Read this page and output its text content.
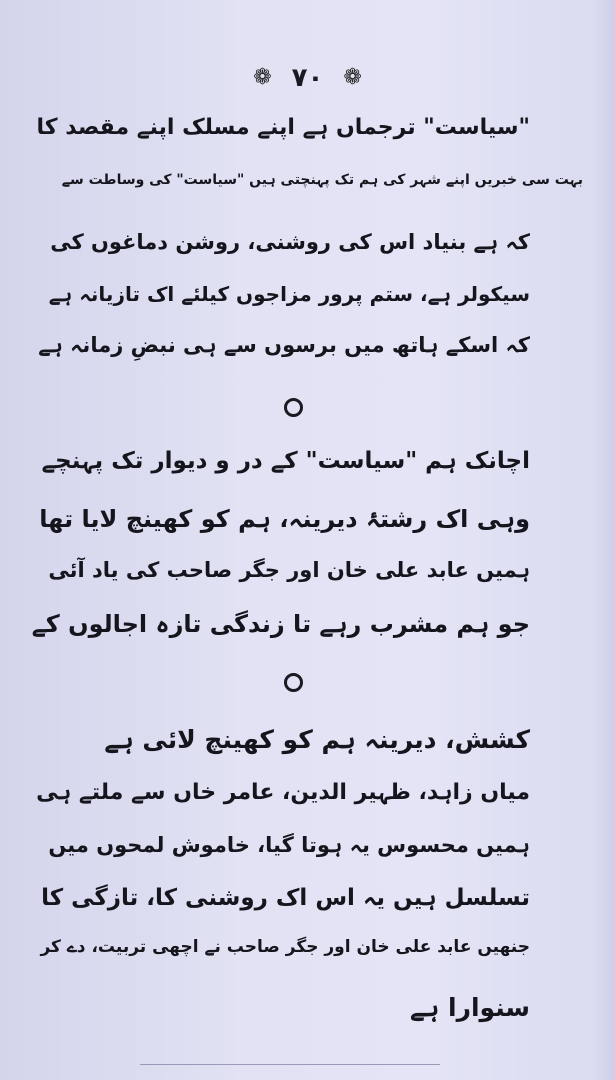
❁ ۷۰ ❁
"سیاست" ترجماں ہے اپنے مسلک اپنے مقصد کا
بہت سی خبریں اپنے شہر کی ہم تک پہنچتی ہیں "سیاست" کی وساطت سے
کہ ہے بنیاد اس کی روشنی، روشن دماغوں کی
سیکولر ہے، ستم پرور مزاجوں کیلئے اک تازیانہ ہے
کہ اسکے ہاتھ میں برسوں سے ہی نبضِ زمانہ ہے
اچانک ہم "سیاست" کے در و دیوار تک پہنچے
وہی اک رشتۂ دیرینہ، ہم کو کھینچ لایا تھا
ہمیں عابد علی خان اور جگر صاحب کی یاد آئی
جو ہم مشرب رہے تا زندگی تازہ اجالوں کے
کشش، دیرینہ ہم کو کھینچ لائی ہے
میاں زاہد، ظہیر الدین، عامر خاں سے ملتے ہی
ہمیں محسوس یہ ہوتا گیا، خاموش لمحوں میں
تسلسل ہیں یہ اس اک روشنی کا، تازگی کا
جنھیں عابد علی خان اور جگر صاحب نے اچھی تربیت، دے کر
سنوارا ہے
